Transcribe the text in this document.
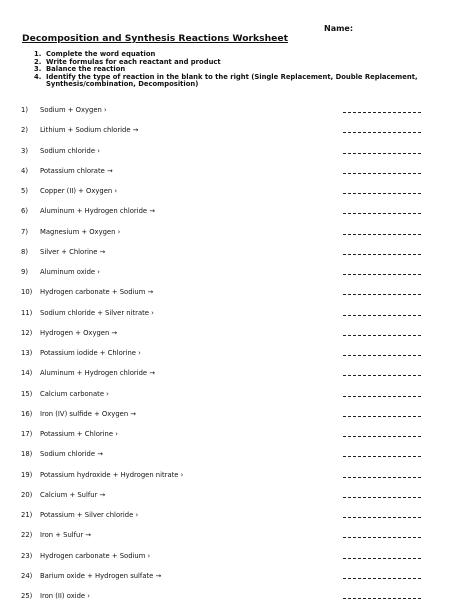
Name:
Decomposition and Synthesis Reactions Worksheet
1. Complete the word equation
2. Write formulas for each reactant and product
3. Balance the reaction
4. Identify the type of reaction in the blank to the right (Single Replacement, Double Replacement, Synthesis/combination, Decomposition)
1)	Sodium + Oxygen ›
2)	Lithium + Sodium chloride →
3)	Sodium chloride ›
4)	Potassium chlorate →
5)	Copper (II) + Oxygen ›
6)	Aluminum + Hydrogen chloride →
7)	Magnesium + Oxygen ›
8)	Silver + Chlorine →
9)	Aluminum oxide ›
10)	Hydrogen carbonate + Sodium →
11)	Sodium chloride + Silver nitrate ›
12)	Hydrogen + Oxygen →
13)	Potassium iodide + Chlorine ›
14)	Aluminum + Hydrogen chloride →
15)	Calcium carbonate ›
16)	Iron (IV) sulfide + Oxygen →
17)	Potassium + Chlorine ›
18)	Sodium chloride →
19)	Potassium hydroxide + Hydrogen nitrate ›
20)	Calcium + Sulfur →
21)	Potassium + Silver chloride ›
22)	Iron + Sulfur →
23)	Hydrogen carbonate + Sodium ›
24)	Barium oxide + Hydrogen sulfate →
25)	Iron (II) oxide ›
